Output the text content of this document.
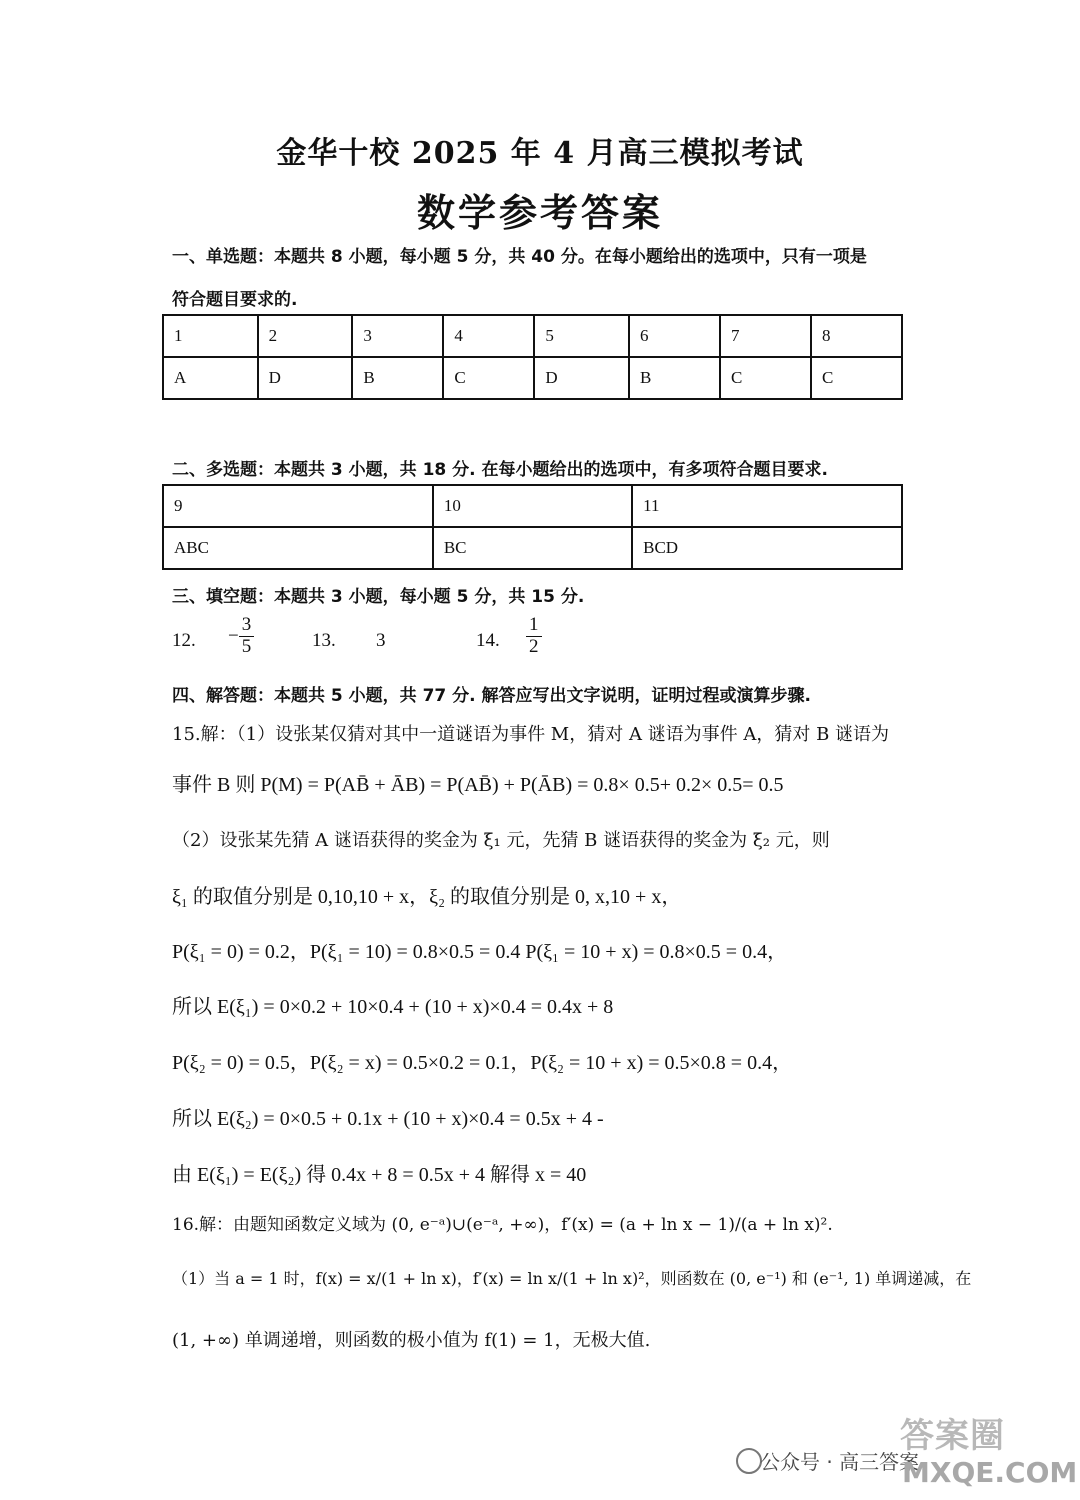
金华十校 2025 年 4 月高三模拟考试
数学参考答案
一、单选题：本题共 8 小题，每小题 5 分，共 40 分。在每小题给出的选项中，只有一项是
符合题目要求的.
1	2	3	4	5	6	7	8
A	D	B	C	D	B	C	C
二、多选题：本题共 3 小题，共 18 分. 在每小题给出的选项中，有多项符合题目要求.
9	10	11
ABC	BC	BCD
三、填空题：本题共 3 小题，每小题 5 分，共 15 分.
12. − $\frac{3}{5}$	13. 3	14. $\frac{1}{2}$
四、解答题：本题共 5 小题，共 77 分. 解答应写出文字说明，证明过程或演算步骤.
15.解：（1）设张某仅猜对其中一道谜语为事件 M，猜对 A 谜语为事件 A，猜对 B 谜语为
事件 B 则 P(M) = P(AB̄ + ĀB) = P(AB̄) + P(ĀB) = 0.8× 0.5+ 0.2× 0.5= 0.5
（2）设张某先猜 A 谜语获得的奖金为 ξ₁ 元，先猜 B 谜语获得的奖金为 ξ₂ 元，则
ξ₁ 的取值分别是 0,10,10 + x，ξ₂ 的取值分别是 0, x,10 + x，
P(ξ₁ = 0) = 0.2，P(ξ₁ = 10) = 0.8×0.5 = 0.4 P(ξ₁ = 10 + x) = 0.8×0.5 = 0.4，
所以 E(ξ₁) = 0×0.2 + 10×0.4 + (10 + x)×0.4 = 0.4x + 8
P(ξ₂ = 0) = 0.5，P(ξ₂ = x) = 0.5×0.2 = 0.1，P(ξ₂ = 10 + x) = 0.5×0.8 = 0.4，
所以 E(ξ₂) = 0×0.5 + 0.1x + (10 + x)×0.4 = 0.5x + 4 -
由 E(ξ₁) = E(ξ₂) 得 0.4x + 8 = 0.5x + 4 解得 x = 40
16.解：由题知函数定义域为 (0, e⁻ᵃ)∪(e⁻ᵃ, +∞)，f′(x) = (a + ln x − 1)/(a + ln x)².
（1）当 a = 1 时，f(x) = x/(1 + ln x)，f′(x) = ln x/(1 + ln x)²，则函数在 (0, e⁻¹) 和 (e⁻¹, 1) 单调递减，在
(1, +∞) 单调递增，则函数的极小值为 f(1) = 1，无极大值.
公众号 · 高三答案
答案圈
MXQE.COM
